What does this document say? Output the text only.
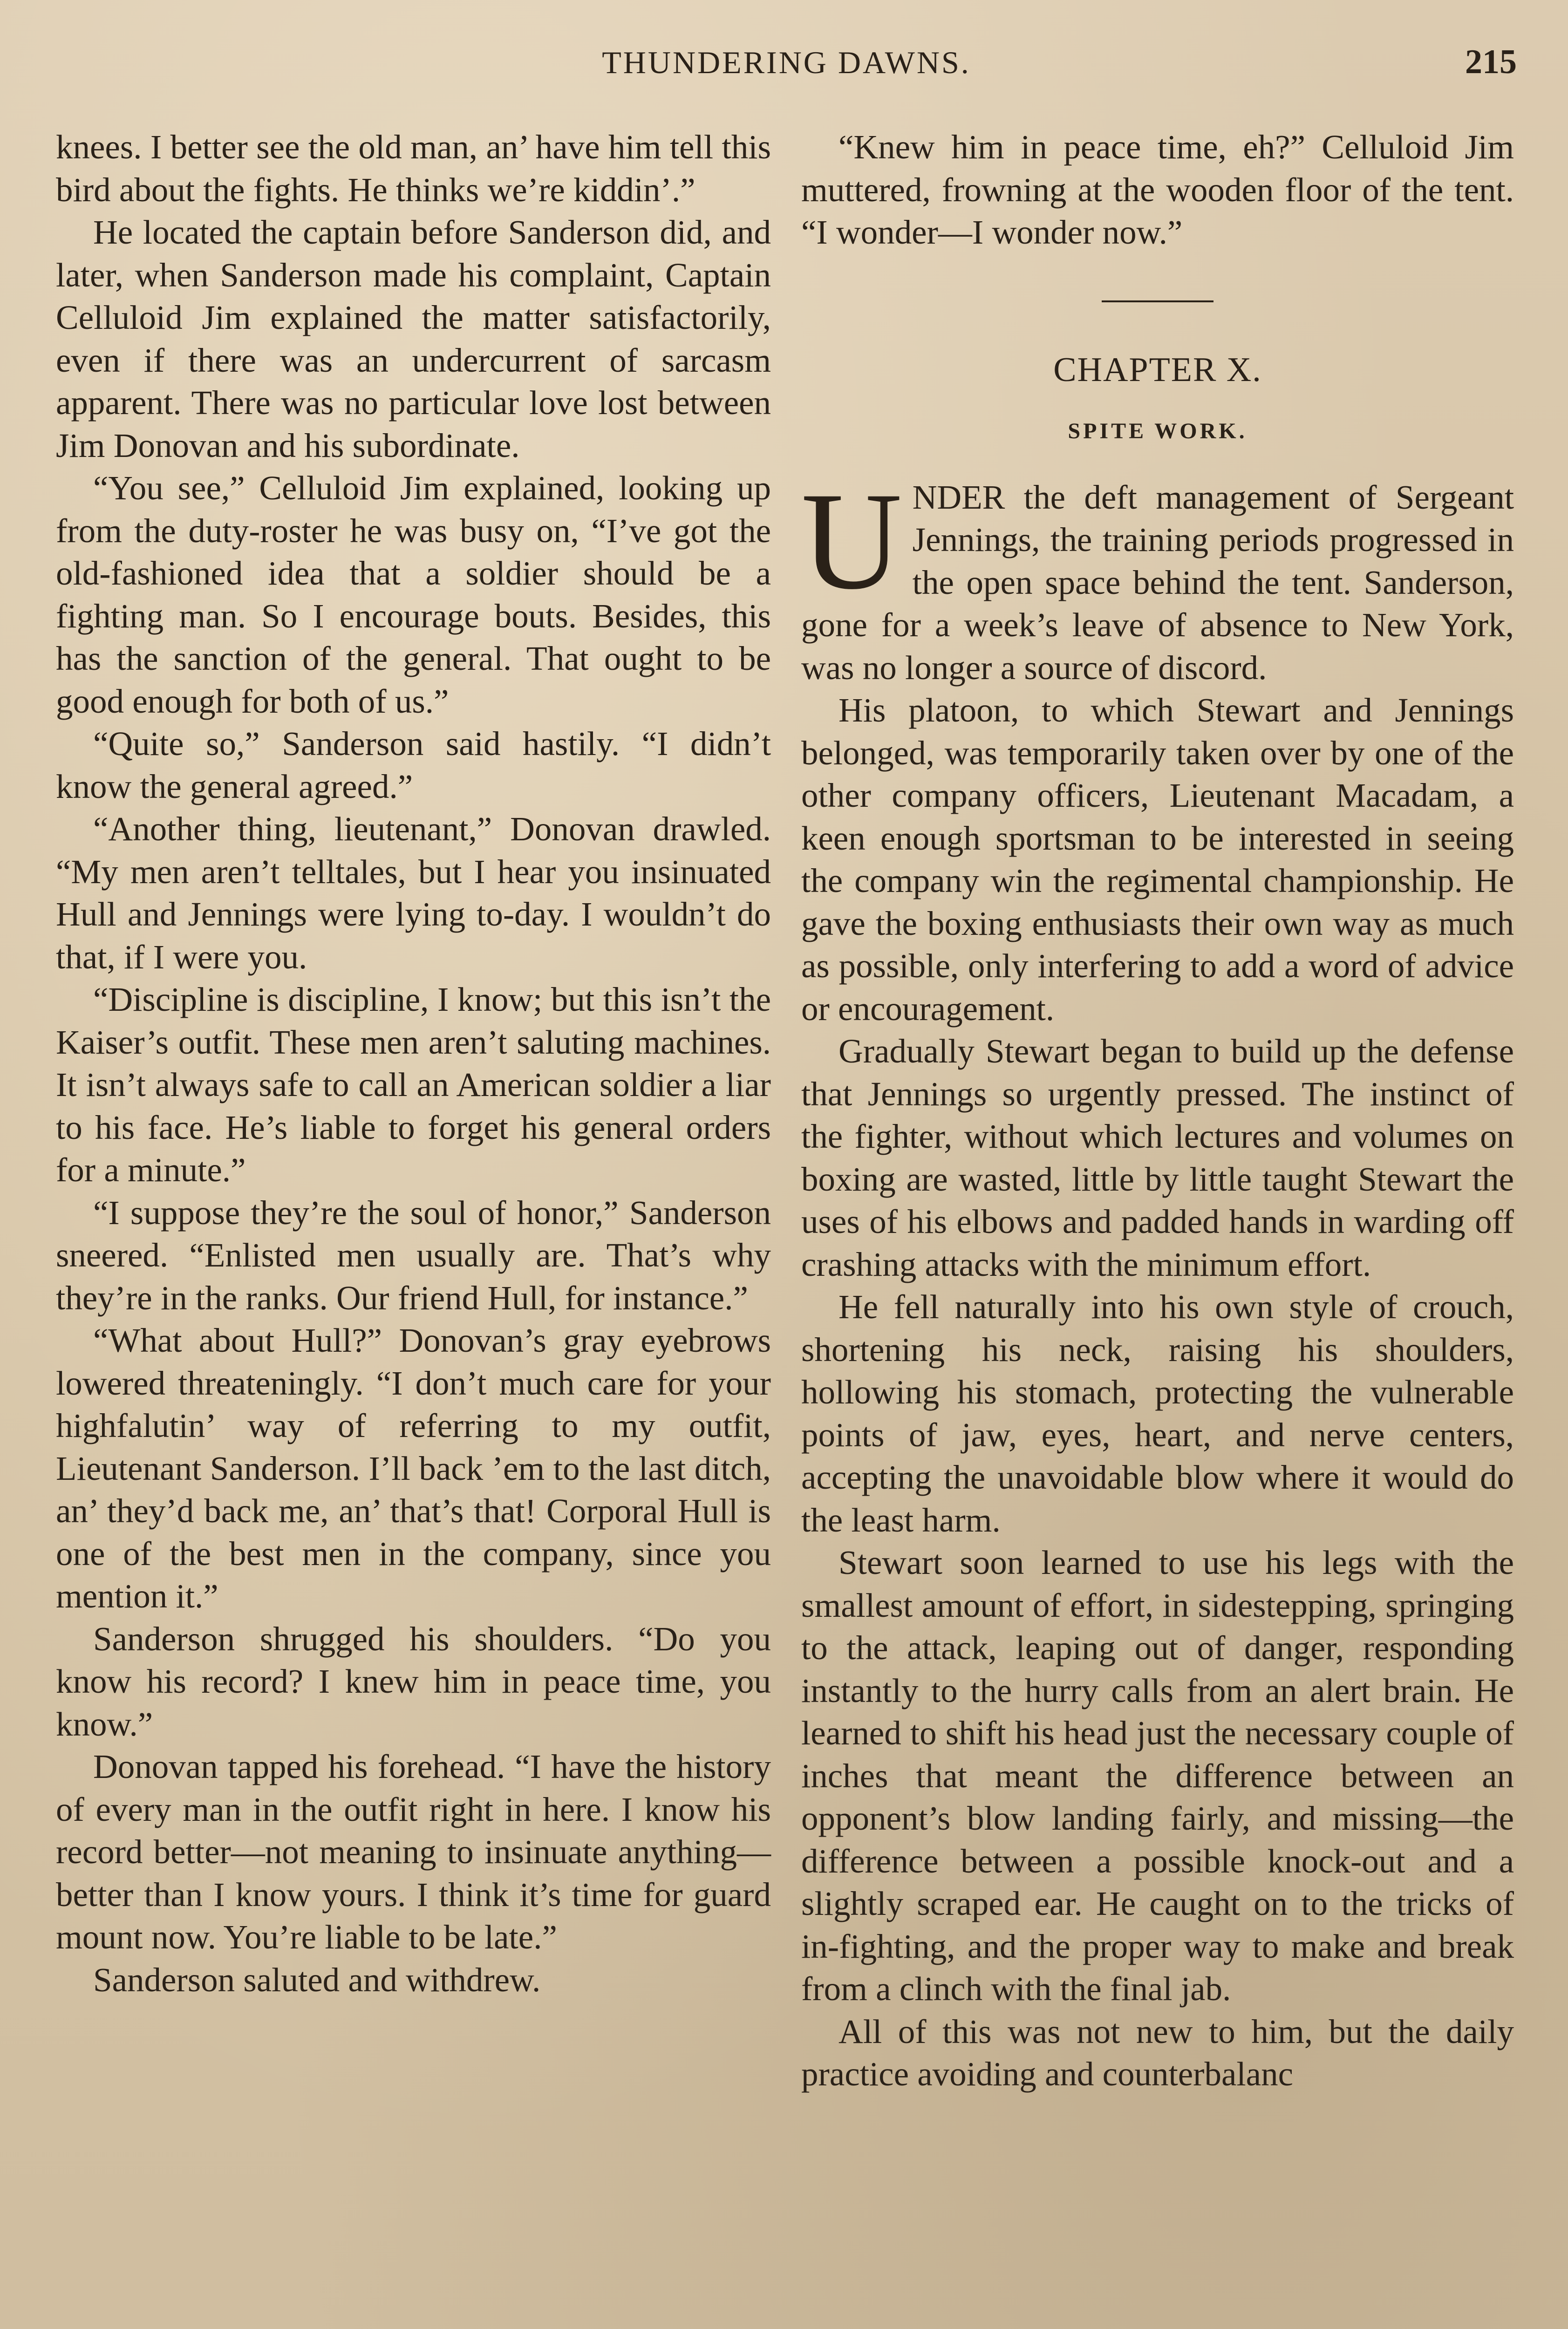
THUNDERING DAWNS.	215

knees. I better see the old man, an’ have him tell this bird about the fights. He thinks we’re kiddin’.”

He located the captain before Sanderson did, and later, when Sanderson made his complaint, Captain Celluloid Jim explained the matter satisfactorily, even if there was an undercurrent of sarcasm apparent. There was no particular love lost between Jim Donovan and his subordinate.

“You see,” Celluloid Jim explained, looking up from the duty-roster he was busy on, “I’ve got the old-fashioned idea that a soldier should be a fighting man. So I encourage bouts. Besides, this has the sanction of the general. That ought to be good enough for both of us.”

“Quite so,” Sanderson said hastily. “I didn’t know the general agreed.”

“Another thing, lieutenant,” Donovan drawled. “My men aren’t telltales, but I hear you insinuated Hull and Jennings were lying to-day. I wouldn’t do that, if I were you.

“Discipline is discipline, I know; but this isn’t the Kaiser’s outfit. These men aren’t saluting machines. It isn’t always safe to call an American soldier a liar to his face. He’s liable to forget his general orders for a minute.”

“I suppose they’re the soul of honor,” Sanderson sneered. “Enlisted men usually are. That’s why they’re in the ranks. Our friend Hull, for instance.”

“What about Hull?” Donovan’s gray eyebrows lowered threateningly. “I don’t much care for your highfalutin’ way of referring to my outfit, Lieutenant Sanderson. I’ll back ’em to the last ditch, an’ they’d back me, an’ that’s that! Corporal Hull is one of the best men in the company, since you mention it.”

Sanderson shrugged his shoulders. “Do you know his record? I knew him in peace time, you know.”

Donovan tapped his forehead. “I have the history of every man in the outfit right in here. I know his record better—not meaning to insinuate anything—better than I know yours. I think it’s time for guard mount now. You’re liable to be late.”

Sanderson saluted and withdrew.

“Knew him in peace time, eh?” Celluloid Jim muttered, frowning at the wooden floor of the tent. “I wonder—I wonder now.”

CHAPTER X.
SPITE WORK.

UNDER the deft management of Sergeant Jennings, the training periods progressed in the open space behind the tent. Sanderson, gone for a week’s leave of absence to New York, was no longer a source of discord.

His platoon, to which Stewart and Jennings belonged, was temporarily taken over by one of the other company officers, Lieutenant Macadam, a keen enough sportsman to be interested in seeing the company win the regimental championship. He gave the boxing enthusiasts their own way as much as possible, only interfering to add a word of advice or encouragement.

Gradually Stewart began to build up the defense that Jennings so urgently pressed. The instinct of the fighter, without which lectures and volumes on boxing are wasted, little by little taught Stewart the uses of his elbows and padded hands in warding off crashing attacks with the minimum effort.

He fell naturally into his own style of crouch, shortening his neck, raising his shoulders, hollowing his stomach, protecting the vulnerable points of jaw, eyes, heart, and nerve centers, accepting the unavoidable blow where it would do the least harm.

Stewart soon learned to use his legs with the smallest amount of effort, in sidestepping, springing to the attack, leaping out of danger, responding instantly to the hurry calls from an alert brain. He learned to shift his head just the necessary couple of inches that meant the difference between an opponent’s blow landing fairly, and missing—the difference between a possible knock-out and a slightly scraped ear. He caught on to the tricks of in-fighting, and the proper way to make and break from a clinch with the final jab.

All of this was not new to him, but the daily practice avoiding and counterbalanc
